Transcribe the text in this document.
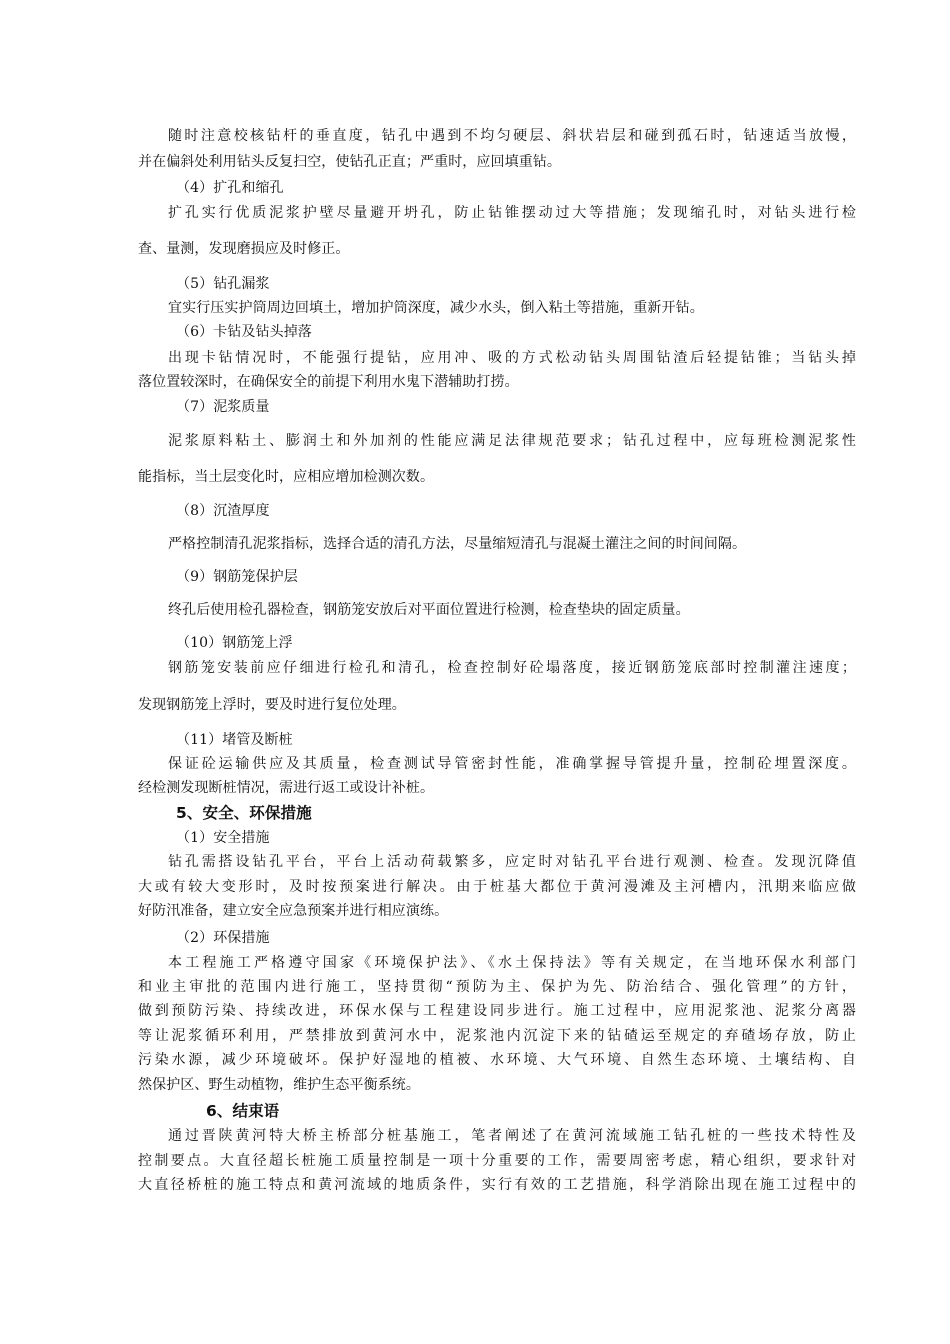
随时注意校核钻杆的垂直度，钻孔中遇到不均匀硬层、斜状岩层和碰到孤石时，钻速适当放慢，
并在偏斜处利用钻头反复扫空，使钻孔正直；严重时，应回填重钻。
（4）扩孔和缩孔
扩孔实行优质泥浆护壁尽量避开坍孔，防止钻锥摆动过大等措施；发现缩孔时，对钻头进行检
查、量测，发现磨损应及时修正。
（5）钻孔漏浆
宜实行压实护筒周边回填土，增加护筒深度，减少水头，倒入粘土等措施，重新开钻。
（6）卡钻及钻头掉落
出现卡钻情况时，不能强行提钻，应用冲、吸的方式松动钻头周围钻渣后轻提钻锥；当钻头掉
落位置较深时，在确保安全的前提下利用水鬼下潜辅助打捞。
（7）泥浆质量
泥浆原料粘土、膨润土和外加剂的性能应满足法律规范要求；钻孔过程中，应每班检测泥浆性
能指标，当土层变化时，应相应增加检测次数。
（8）沉渣厚度
严格控制清孔泥浆指标，选择合适的清孔方法，尽量缩短清孔与混凝土灌注之间的时间间隔。
（9）钢筋笼保护层
终孔后使用检孔器检查，钢筋笼安放后对平面位置进行检测，检查垫块的固定质量。
（10）钢筋笼上浮
钢筋笼安装前应仔细进行检孔和清孔，检查控制好砼塌落度，接近钢筋笼底部时控制灌注速度；
发现钢筋笼上浮时，要及时进行复位处理。
（11）堵管及断桩
保证砼运输供应及其质量，检查测试导管密封性能，准确掌握导管提升量，控制砼埋置深度。
经检测发现断桩情况，需进行返工或设计补桩。
5、安全、环保措施
（1）安全措施
钻孔需搭设钻孔平台，平台上活动荷载繁多，应定时对钻孔平台进行观测、检查。发现沉降值
大或有较大变形时，及时按预案进行解决。由于桩基大都位于黄河漫滩及主河槽内，汛期来临应做
好防汛准备，建立安全应急预案并进行相应演练。
（2）环保措施
本工程施工严格遵守国家《环境保护法》、《水土保持法》等有关规定，在当地环保水利部门
和业主审批的范围内进行施工，坚持贯彻“预防为主、保护为先、防治结合、强化管理”的方针，
做到预防污染、持续改进，环保水保与工程建设同步进行。施工过程中，应用泥浆池、泥浆分离器
等让泥浆循环利用，严禁排放到黄河水中，泥浆池内沉淀下来的钻碴运至规定的弃碴场存放，防止
污染水源，减少环境破坏。保护好湿地的植被、水环境、大气环境、自然生态环境、土壤结构、自
然保护区、野生动植物，维护生态平衡系统。
6、结束语
通过晋陕黄河特大桥主桥部分桩基施工，笔者阐述了在黄河流域施工钻孔桩的一些技术特性及
控制要点。大直径超长桩施工质量控制是一项十分重要的工作，需要周密考虑，精心组织，要求针对
大直径桥桩的施工特点和黄河流域的地质条件，实行有效的工艺措施，科学消除出现在施工过程中的
